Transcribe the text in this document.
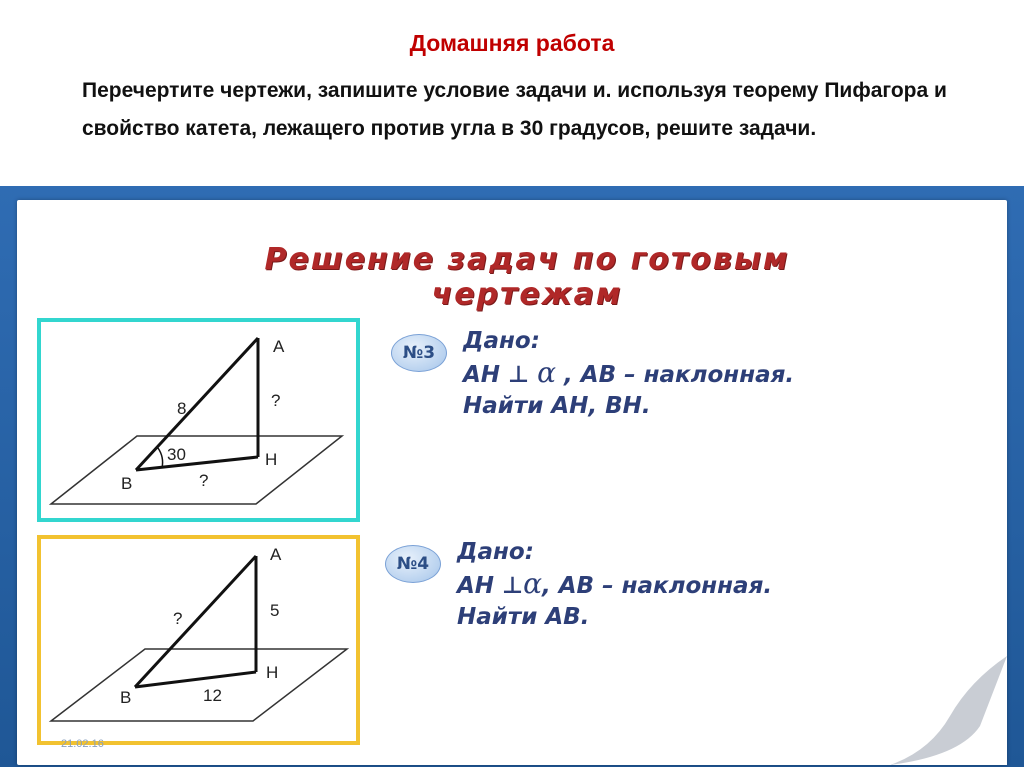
Домашняя работа
Перечертите чертежи, запишите условие задачи и. используя теорему Пифагора и свойство катета, лежащего против угла в 30 градусов, решите задачи.
Решение задач по готовым
чертежам
А
В
Н
8	?
?
30
А
В
Н
?	5
12
№3	Дано:
АН ⊥ α , АВ – наклонная.
Найти АН, ВН.
№4	Дано:
АН ⊥α, АВ – наклонная.
Найти АВ.
21.02.16
